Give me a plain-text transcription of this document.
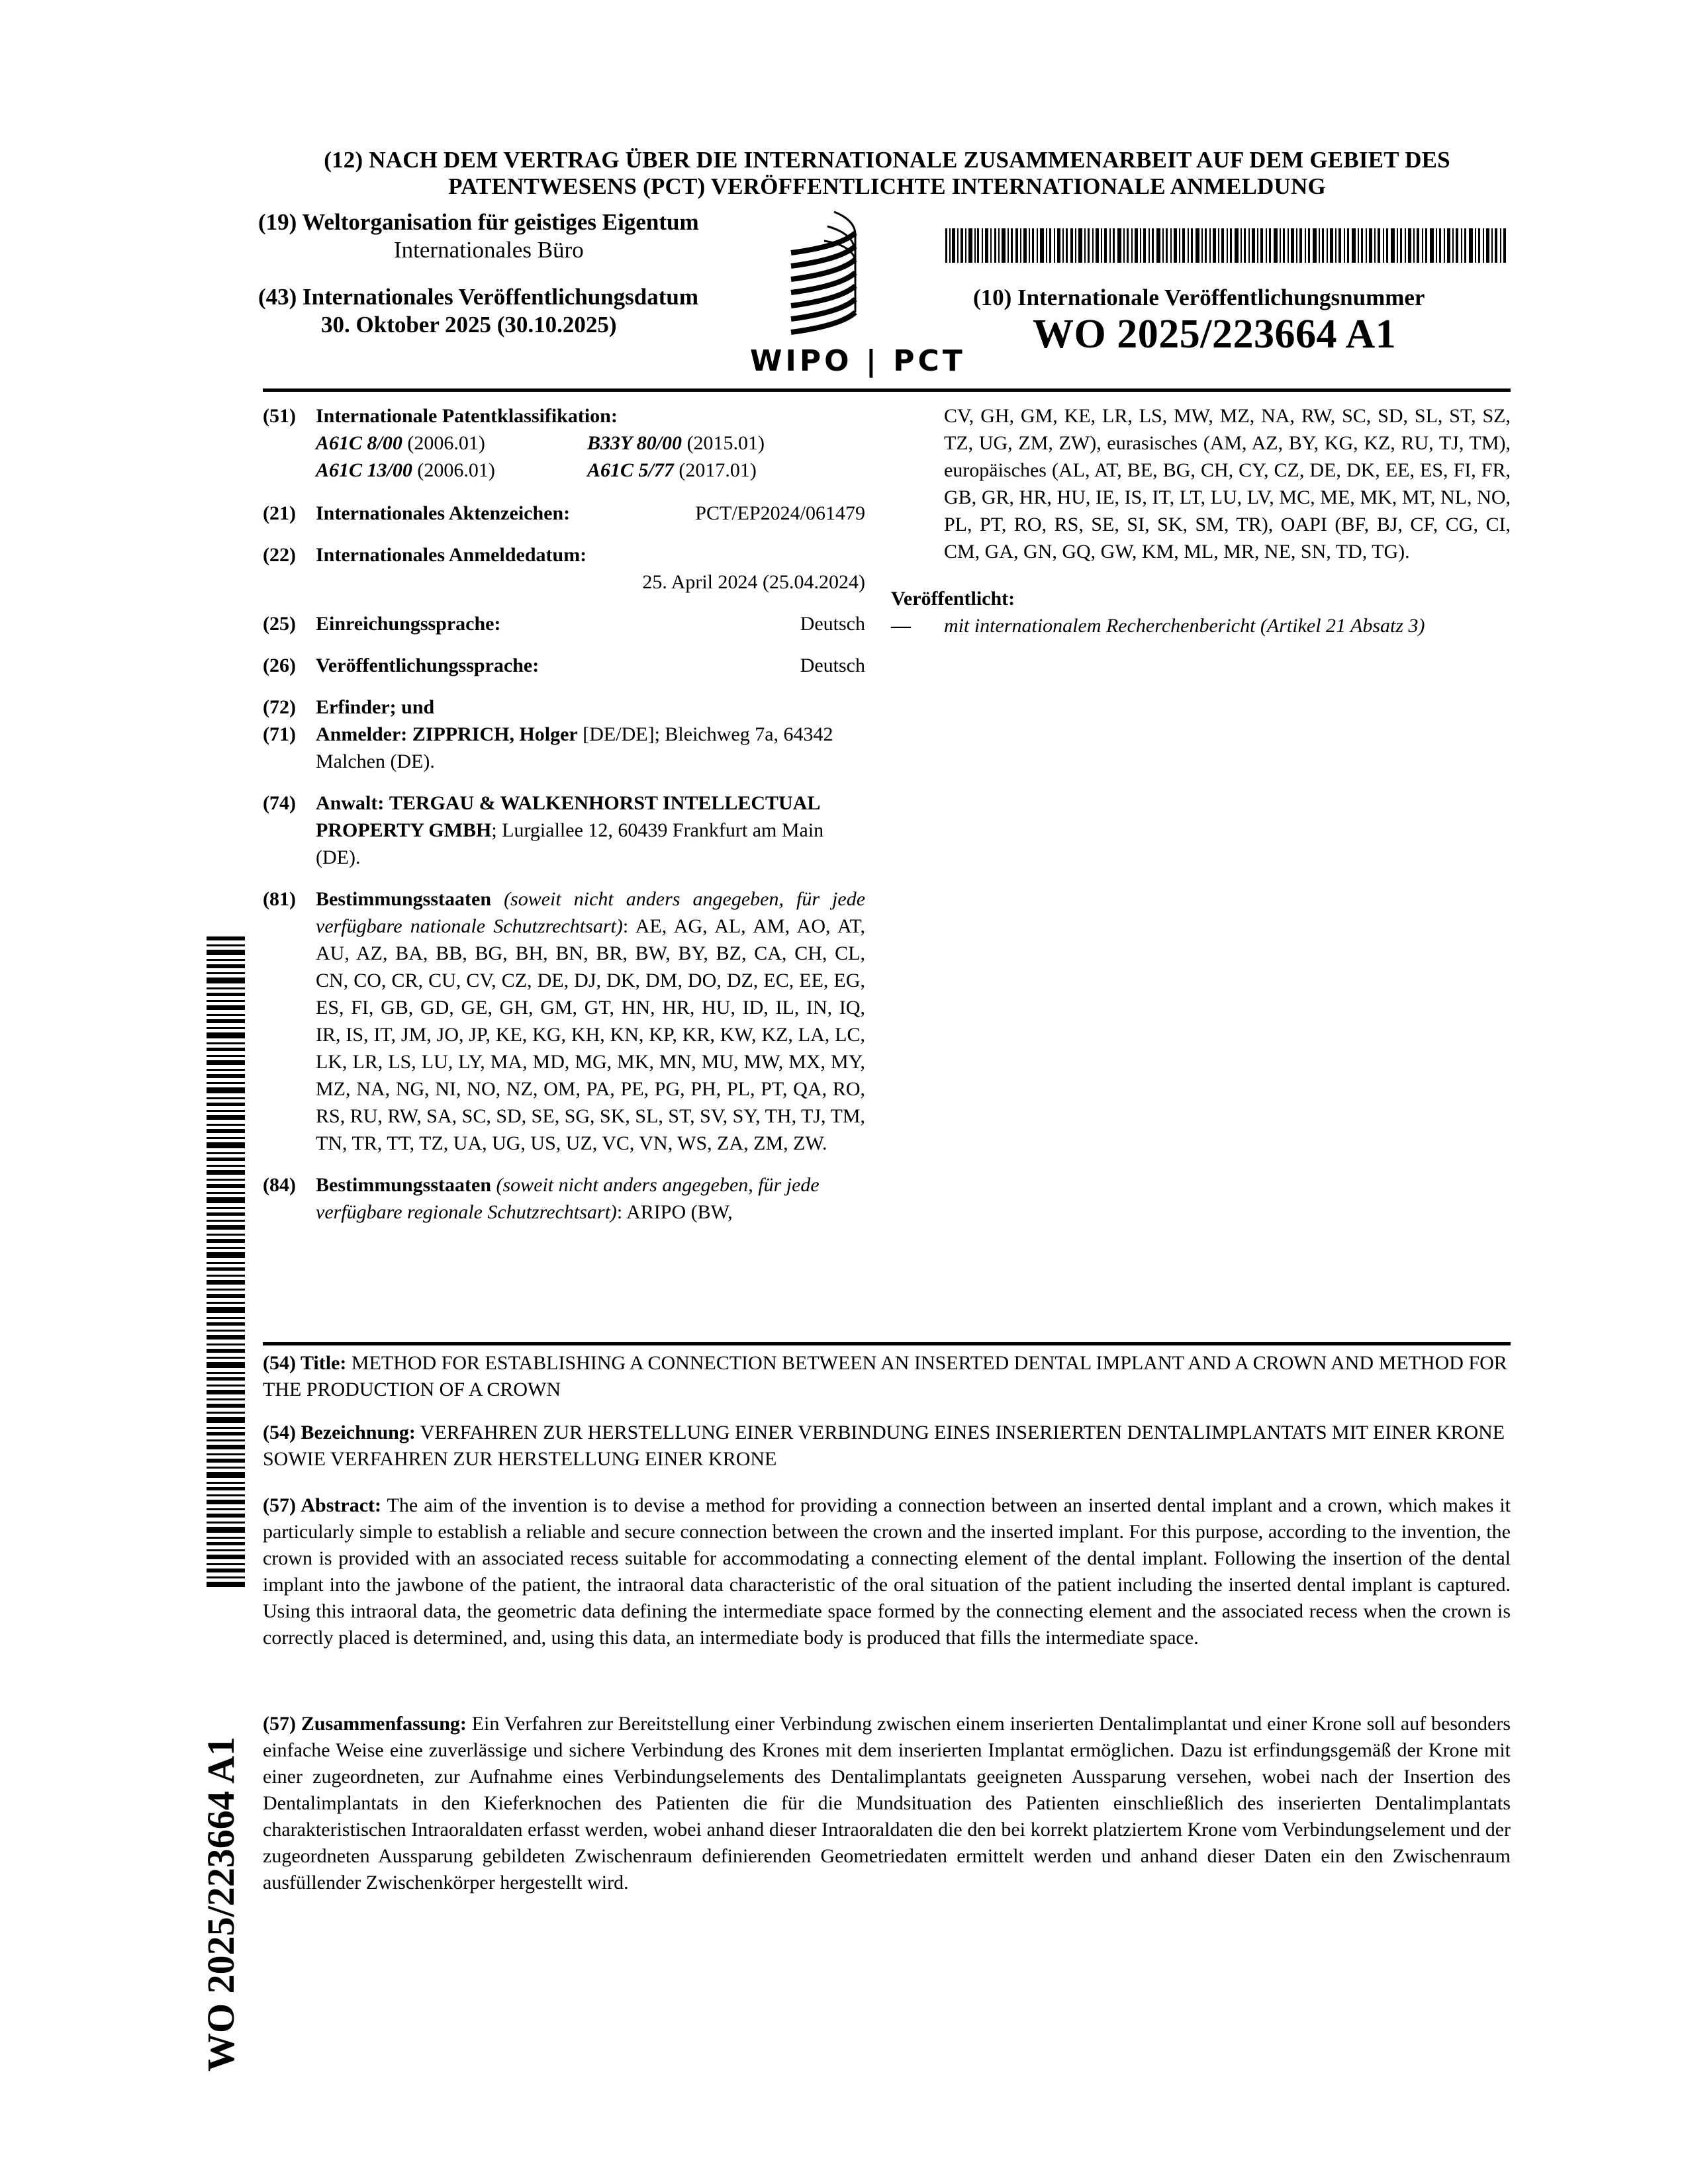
(12) NACH DEM VERTRAG ÜBER DIE INTERNATIONALE ZUSAMMENARBEIT AUF DEM GEBIET DES
PATENTWESENS (PCT) VERÖFFENTLICHTE INTERNATIONALE ANMELDUNG
(19) Weltorganisation für geistiges Eigentum
Internationales Büro
(43) Internationales Veröffentlichungsdatum
30. Oktober 2025 (30.10.2025)
WIPO | PCT
(10) Internationale Veröffentlichungsnummer
WO 2025/223664 A1
(51) Internationale Patentklassifikation:
A61C 8/00 (2006.01)	B33Y 80/00 (2015.01)
A61C 13/00 (2006.01)	A61C 5/77 (2017.01)
(21) Internationales Aktenzeichen:	PCT/EP2024/061479
(22) Internationales Anmeldedatum:
25. April 2024 (25.04.2024)
(25) Einreichungssprache:	Deutsch
(26) Veröffentlichungssprache:	Deutsch
(72) Erfinder; und
(71) Anmelder: ZIPPRICH, Holger [DE/DE]; Bleichweg 7a, 64342 Malchen (DE).
(74) Anwalt: TERGAU & WALKENHORST INTELLECTUAL PROPERTY GMBH; Lurgiallee 12, 60439 Frankfurt am Main (DE).
(81) Bestimmungsstaaten (soweit nicht anders angegeben, für jede verfügbare nationale Schutzrechtsart): AE, AG, AL, AM, AO, AT, AU, AZ, BA, BB, BG, BH, BN, BR, BW, BY, BZ, CA, CH, CL, CN, CO, CR, CU, CV, CZ, DE, DJ, DK, DM, DO, DZ, EC, EE, EG, ES, FI, GB, GD, GE, GH, GM, GT, HN, HR, HU, ID, IL, IN, IQ, IR, IS, IT, JM, JO, JP, KE, KG, KH, KN, KP, KR, KW, KZ, LA, LC, LK, LR, LS, LU, LY, MA, MD, MG, MK, MN, MU, MW, MX, MY, MZ, NA, NG, NI, NO, NZ, OM, PA, PE, PG, PH, PL, PT, QA, RO, RS, RU, RW, SA, SC, SD, SE, SG, SK, SL, ST, SV, SY, TH, TJ, TM, TN, TR, TT, TZ, UA, UG, US, UZ, VC, VN, WS, ZA, ZM, ZW.
(84) Bestimmungsstaaten (soweit nicht anders angegeben, für jede verfügbare regionale Schutzrechtsart): ARIPO (BW,
CV, GH, GM, KE, LR, LS, MW, MZ, NA, RW, SC, SD, SL, ST, SZ, TZ, UG, ZM, ZW), eurasisches (AM, AZ, BY, KG, KZ, RU, TJ, TM), europäisches (AL, AT, BE, BG, CH, CY, CZ, DE, DK, EE, ES, FI, FR, GB, GR, HR, HU, IE, IS, IT, LT, LU, LV, MC, ME, MK, MT, NL, NO, PL, PT, RO, RS, SE, SI, SK, SM, TR), OAPI (BF, BJ, CF, CG, CI, CM, GA, GN, GQ, GW, KM, ML, MR, NE, SN, TD, TG).
Veröffentlicht:
— mit internationalem Recherchenbericht (Artikel 21 Absatz 3)
(54) Title: METHOD FOR ESTABLISHING A CONNECTION BETWEEN AN INSERTED DENTAL IMPLANT AND A CROWN AND METHOD FOR THE PRODUCTION OF A CROWN
(54) Bezeichnung: VERFAHREN ZUR HERSTELLUNG EINER VERBINDUNG EINES INSERIERTEN DENTALIMPLANTATS MIT EINER KRONE SOWIE VERFAHREN ZUR HERSTELLUNG EINER KRONE
(57) Abstract: The aim of the invention is to devise a method for providing a connection between an inserted dental implant and a crown, which makes it particularly simple to establish a reliable and secure connection between the crown and the inserted implant. For this purpose, according to the invention, the crown is provided with an associated recess suitable for accommodating a connecting element of the dental implant. Following the insertion of the dental implant into the jawbone of the patient, the intraoral data characteristic of the oral situation of the patient including the inserted dental implant is captured. Using this intraoral data, the geometric data defining the intermediate space formed by the connecting element and the associated recess when the crown is correctly placed is determined, and, using this data, an intermediate body is produced that fills the intermediate space.
(57) Zusammenfassung: Ein Verfahren zur Bereitstellung einer Verbindung zwischen einem inserierten Dentalimplantat und einer Krone soll auf besonders einfache Weise eine zuverlässige und sichere Verbindung des Krones mit dem inserierten Implantat ermöglichen. Dazu ist erfindungsgemäß der Krone mit einer zugeordneten, zur Aufnahme eines Verbindungselements des Dentalimplantats geeigneten Aussparung versehen, wobei nach der Insertion des Dentalimplantats in den Kieferknochen des Patienten die für die Mundsituation des Patienten einschließlich des inserierten Dentalimplantats charakteristischen Intraoraldaten erfasst werden, wobei anhand dieser Intraoraldaten die den bei korrekt platziertem Krone vom Verbindungselement und der zugeordneten Aussparung gebildeten Zwischenraum definierenden Geometriedaten ermittelt werden und anhand dieser Daten ein den Zwischenraum ausfüllender Zwischenkörper hergestellt wird.
WO 2025/223664 A1
